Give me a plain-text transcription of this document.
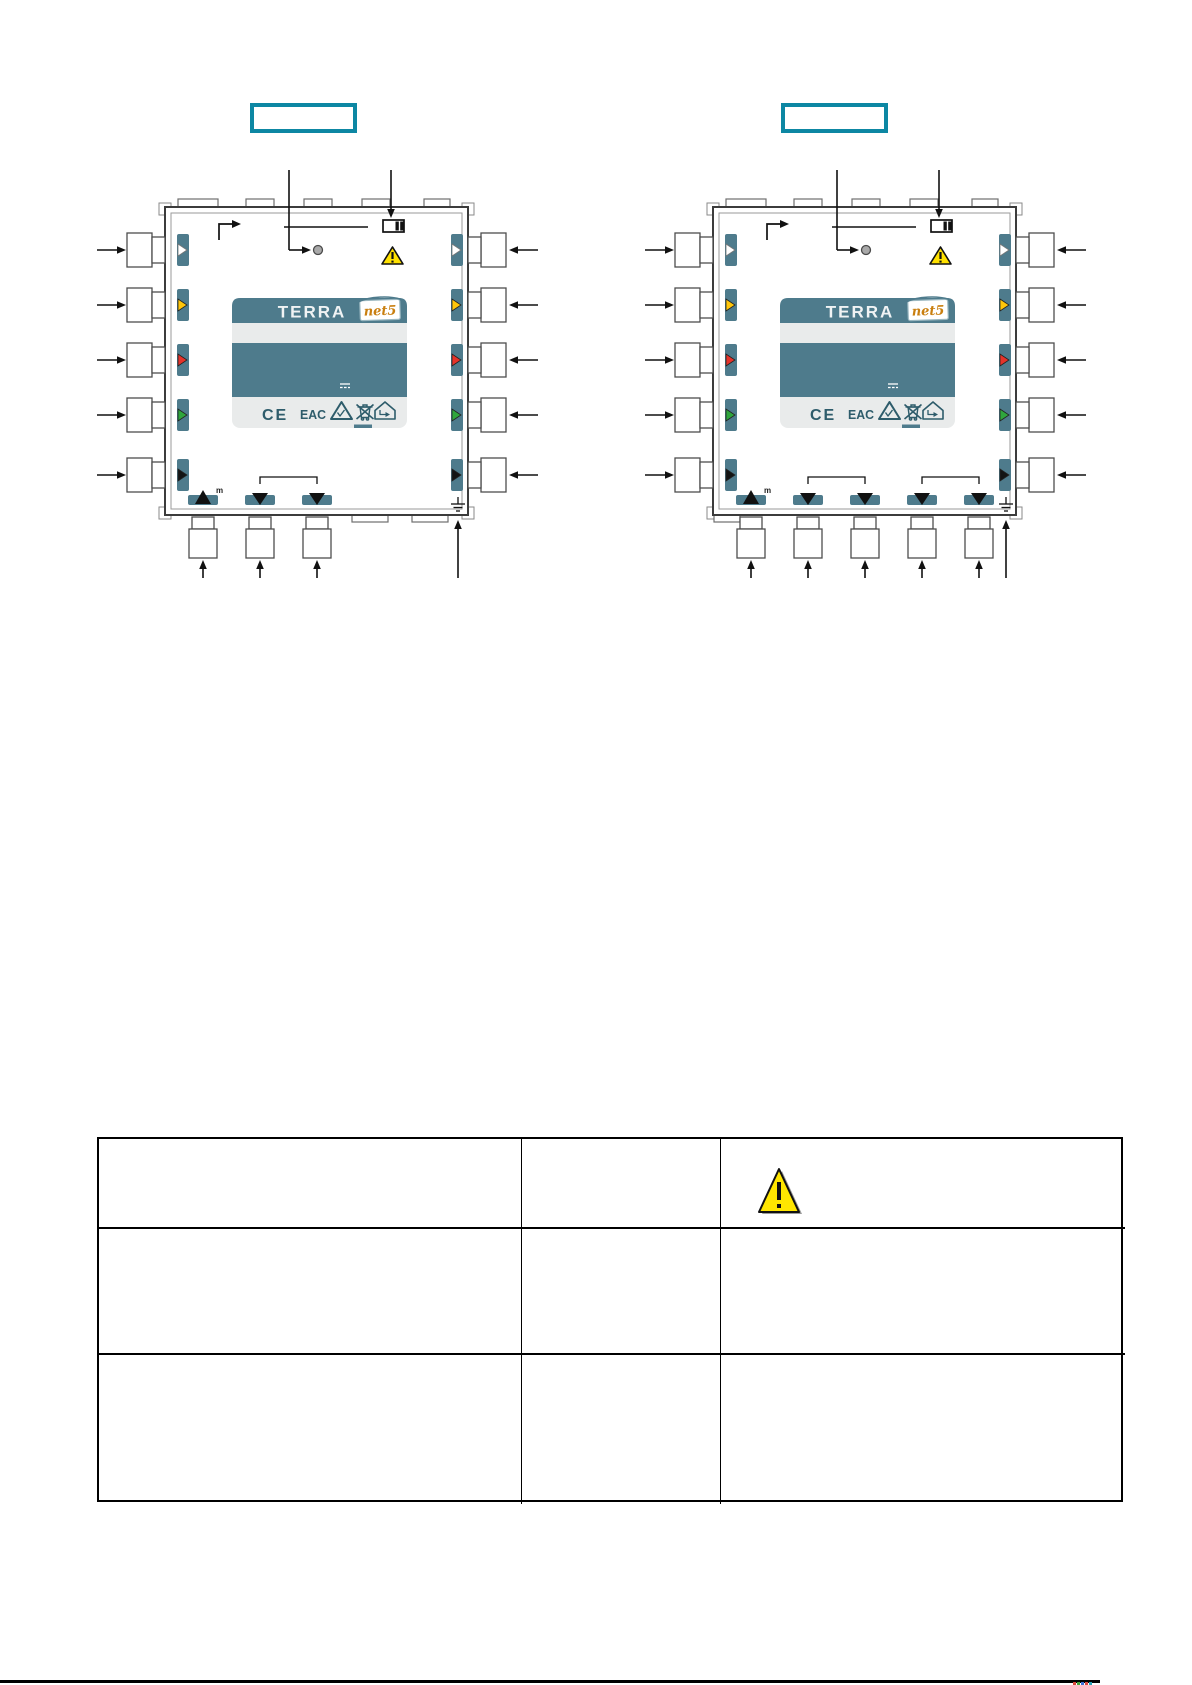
TERRA net5
CE EAC
m
TERRA net5
CE EAC
m
